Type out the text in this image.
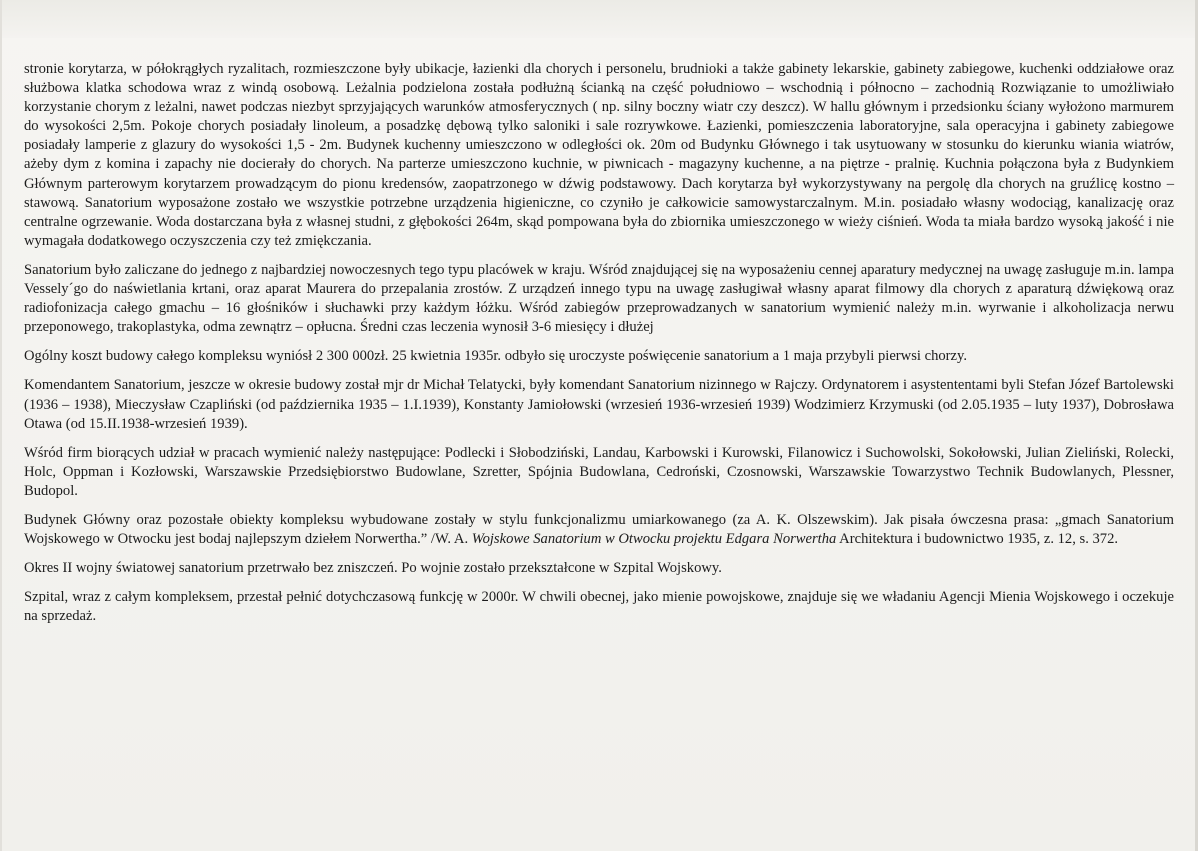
stronie korytarza, w półokrągłych ryzalitach, rozmieszczone były ubikacje, łazienki dla chorych i personelu, brudnioki a także gabinety lekarskie, gabinety zabiegowe, kuchenki oddziałowe oraz służbowa klatka schodowa wraz z windą osobową. Leżalnia podzielona została podłużną ścianką na część południowo – wschodnią i północno – zachodnią Rozwiązanie to umożliwiało korzystanie chorym z leżalni, nawet podczas niezbyt sprzyjających warunków atmosferycznych ( np. silny boczny wiatr czy deszcz). W hallu głównym i przedsionku ściany wyłożono marmurem do wysokości 2,5m. Pokoje chorych posiadały linoleum, a posadzkę dębową tylko saloniki i sale rozrywkowe. Łazienki, pomieszczenia laboratoryjne, sala operacyjna i gabinety zabiegowe posiadały lamperie z glazury do wysokości 1,5 - 2m. Budynek kuchenny umieszczono w odległości ok. 20m od Budynku Głównego i tak usytuowany w stosunku do kierunku wiania wiatrów, ażeby dym z komina i zapachy nie docierały do chorych. Na parterze umieszczono kuchnie, w piwnicach - magazyny kuchenne, a na piętrze - pralnię. Kuchnia połączona była z Budynkiem Głównym parterowym korytarzem prowadzącym do pionu kredensów, zaopatrzonego w dźwig podstawowy. Dach korytarza był wykorzystywany na pergolę dla chorych na gruźlicę kostno – stawową. Sanatorium wyposażone zostało we wszystkie potrzebne urządzenia higieniczne, co czyniło je całkowicie samowystarczalnym. M.in. posiadało własny wodociąg, kanalizację oraz centralne ogrzewanie. Woda dostarczana była z własnej studni, z głębokości 264m, skąd pompowana była do zbiornika umieszczonego w wieży ciśnień. Woda ta miała bardzo wysoką jakość i nie wymagała dodatkowego oczyszczenia czy też zmiękczania.

Sanatorium było zaliczane do jednego z najbardziej nowoczesnych tego typu placówek w kraju. Wśród znajdującej się na wyposażeniu cennej aparatury medycznej na uwagę zasługuje m.in. lampa Vessely´go do naświetlania krtani, oraz aparat Maurera do przepalania zrostów. Z urządzeń innego typu na uwagę zasługiwał własny aparat filmowy dla chorych z aparaturą dźwiękową oraz radiofonizacja całego gmachu – 16 głośników i słuchawki przy każdym łóżku. Wśród zabiegów przeprowadzanych w sanatorium wymienić należy m.in. wyrwanie i alkoholizacja nerwu przeponowego, trakoplastyka, odma zewnątrz – opłucna. Średni czas leczenia wynosił 3-6 miesięcy i dłużej

Ogólny koszt budowy całego kompleksu wyniósł 2 300 000zł. 25 kwietnia 1935r. odbyło się uroczyste poświęcenie sanatorium a 1 maja przybyli pierwsi chorzy.

Komendantem Sanatorium, jeszcze w okresie budowy został mjr dr Michał Telatycki, były komendant Sanatorium nizinnego w Rajczy. Ordynatorem i asystententami byli Stefan Józef Bartolewski (1936 – 1938), Mieczysław Czapliński (od października 1935 – 1.I.1939), Konstanty Jamiołowski (wrzesień 1936-wrzesień 1939) Wodzimierz Krzymuski (od 2.05.1935 – luty 1937), Dobrosława Otawa (od 15.II.1938-wrzesień 1939).

Wśród firm biorących udział w pracach wymienić należy następujące: Podlecki i Słobodziński, Landau, Karbowski i Kurowski, Filanowicz i Suchowolski, Sokołowski, Julian Zieliński, Rolecki, Holc, Oppman i Kozłowski, Warszawskie Przedsiębiorstwo Budowlane, Szretter, Spójnia Budowlana, Cedroński, Czosnowski, Warszawskie Towarzystwo Technik Budowlanych, Plessner, Budopol.

Budynek Główny oraz pozostałe obiekty kompleksu wybudowane zostały w stylu funkcjonalizmu umiarkowanego (za A. K. Olszewskim). Jak pisała ówczesna prasa: „gmach Sanatorium Wojskowego w Otwocku jest bodaj najlepszym dziełem Norwertha.” /W. A. Wojskowe Sanatorium w Otwocku projektu Edgara Norwertha Architektura i budownictwo 1935, z. 12, s. 372.

Okres II wojny światowej sanatorium przetrwało bez zniszczeń. Po wojnie zostało przekształcone w Szpital Wojskowy.

Szpital, wraz z całym kompleksem, przestał pełnić dotychczasową funkcję w 2000r. W chwili obecnej, jako mienie powojskowe, znajduje się we władaniu Agencji Mienia Wojskowego i oczekuje na sprzedaż.
